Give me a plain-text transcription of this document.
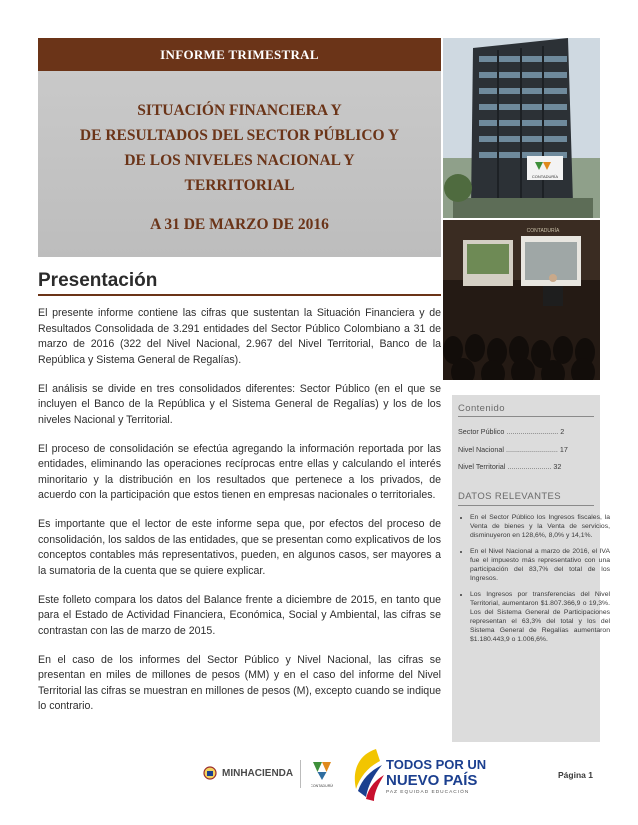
INFORME TRIMESTRAL
SITUACIÓN FINANCIERA Y
DE RESULTADOS DEL SECTOR PÚBLICO Y
DE LOS NIVELES NACIONAL Y
TERRITORIAL
A 31 DE MARZO DE 2016
CONTADURÍA
CONTADURÍA
Presentación

El presente informe contiene las cifras que sustentan la Situación Financiera y de Resultados Consolidada de 3.291 entidades del Sector Público Colombiano a 31 de marzo de 2016 (322 del Nivel Nacional, 2.967 del Nivel Territorial, Banco de la República y Sistema General de Regalías).

El análisis se divide en tres consolidados diferentes: Sector Público (en el que se incluyen el Banco de la República y el Sistema General de Regalías) y los de los niveles Nacional y Territorial.

El proceso de consolidación se efectúa agregando la información reportada por las entidades, eliminando las operaciones recíprocas entre ellas y calculando el interés minoritario y la distribución en los resultados que pertenece a los privados, de acuerdo con la participación que estos tienen en empresas nacionales o territoriales.

Es importante que el lector de este informe sepa que, por efectos del proceso de consolidación, los saldos de las entidades, que se presentan como explicativos de los conceptos contables más representativos, pueden, en algunos casos, ser mayores a la sumatoria de la cuenta que se quiere explicar.

Este folleto compara los datos del Balance frente a diciembre de 2015, en tanto que para el Estado de Actividad Financiera, Económica, Social y Ambiental, las cifras se contrastan con las de marzo de 2015.

En el caso de los informes del Sector Público y Nivel Nacional, las cifras se presentan en miles de millones de pesos (MM) y en el caso del informe del Nivel Territorial las cifras se muestran en millones de pesos (M), excepto cuando se indique lo contrario.

Contenido
Sector Público .......................... 2
Nivel Nacional .......................... 17
Nivel Territorial ...................... 32
DATOS RELEVANTES
• En el Sector Público los Ingresos fiscales, la Venta de bienes y la Venta de servicios, disminuyeron en 128,6%, 8,0% y 14,1%.
• En el Nivel Nacional a marzo de 2016, el IVA fue el impuesto más representativo con una participación del 83,7% del total de los Ingresos.
• Los Ingresos por transferencias del Nivel Territorial, aumentaron $1.807.366,9 o 19,3%. Los del Sistema General de Participaciones representan el 63,3% del total y los del Sistema General de Regalías aumentaron $1.180.443,9 o 1.006,6%.
MINHACIENDA
CONTADURÍA
TODOS POR UN
NUEVO PAÍS
PAZ EQUIDAD EDUCACIÓN
Página 1
